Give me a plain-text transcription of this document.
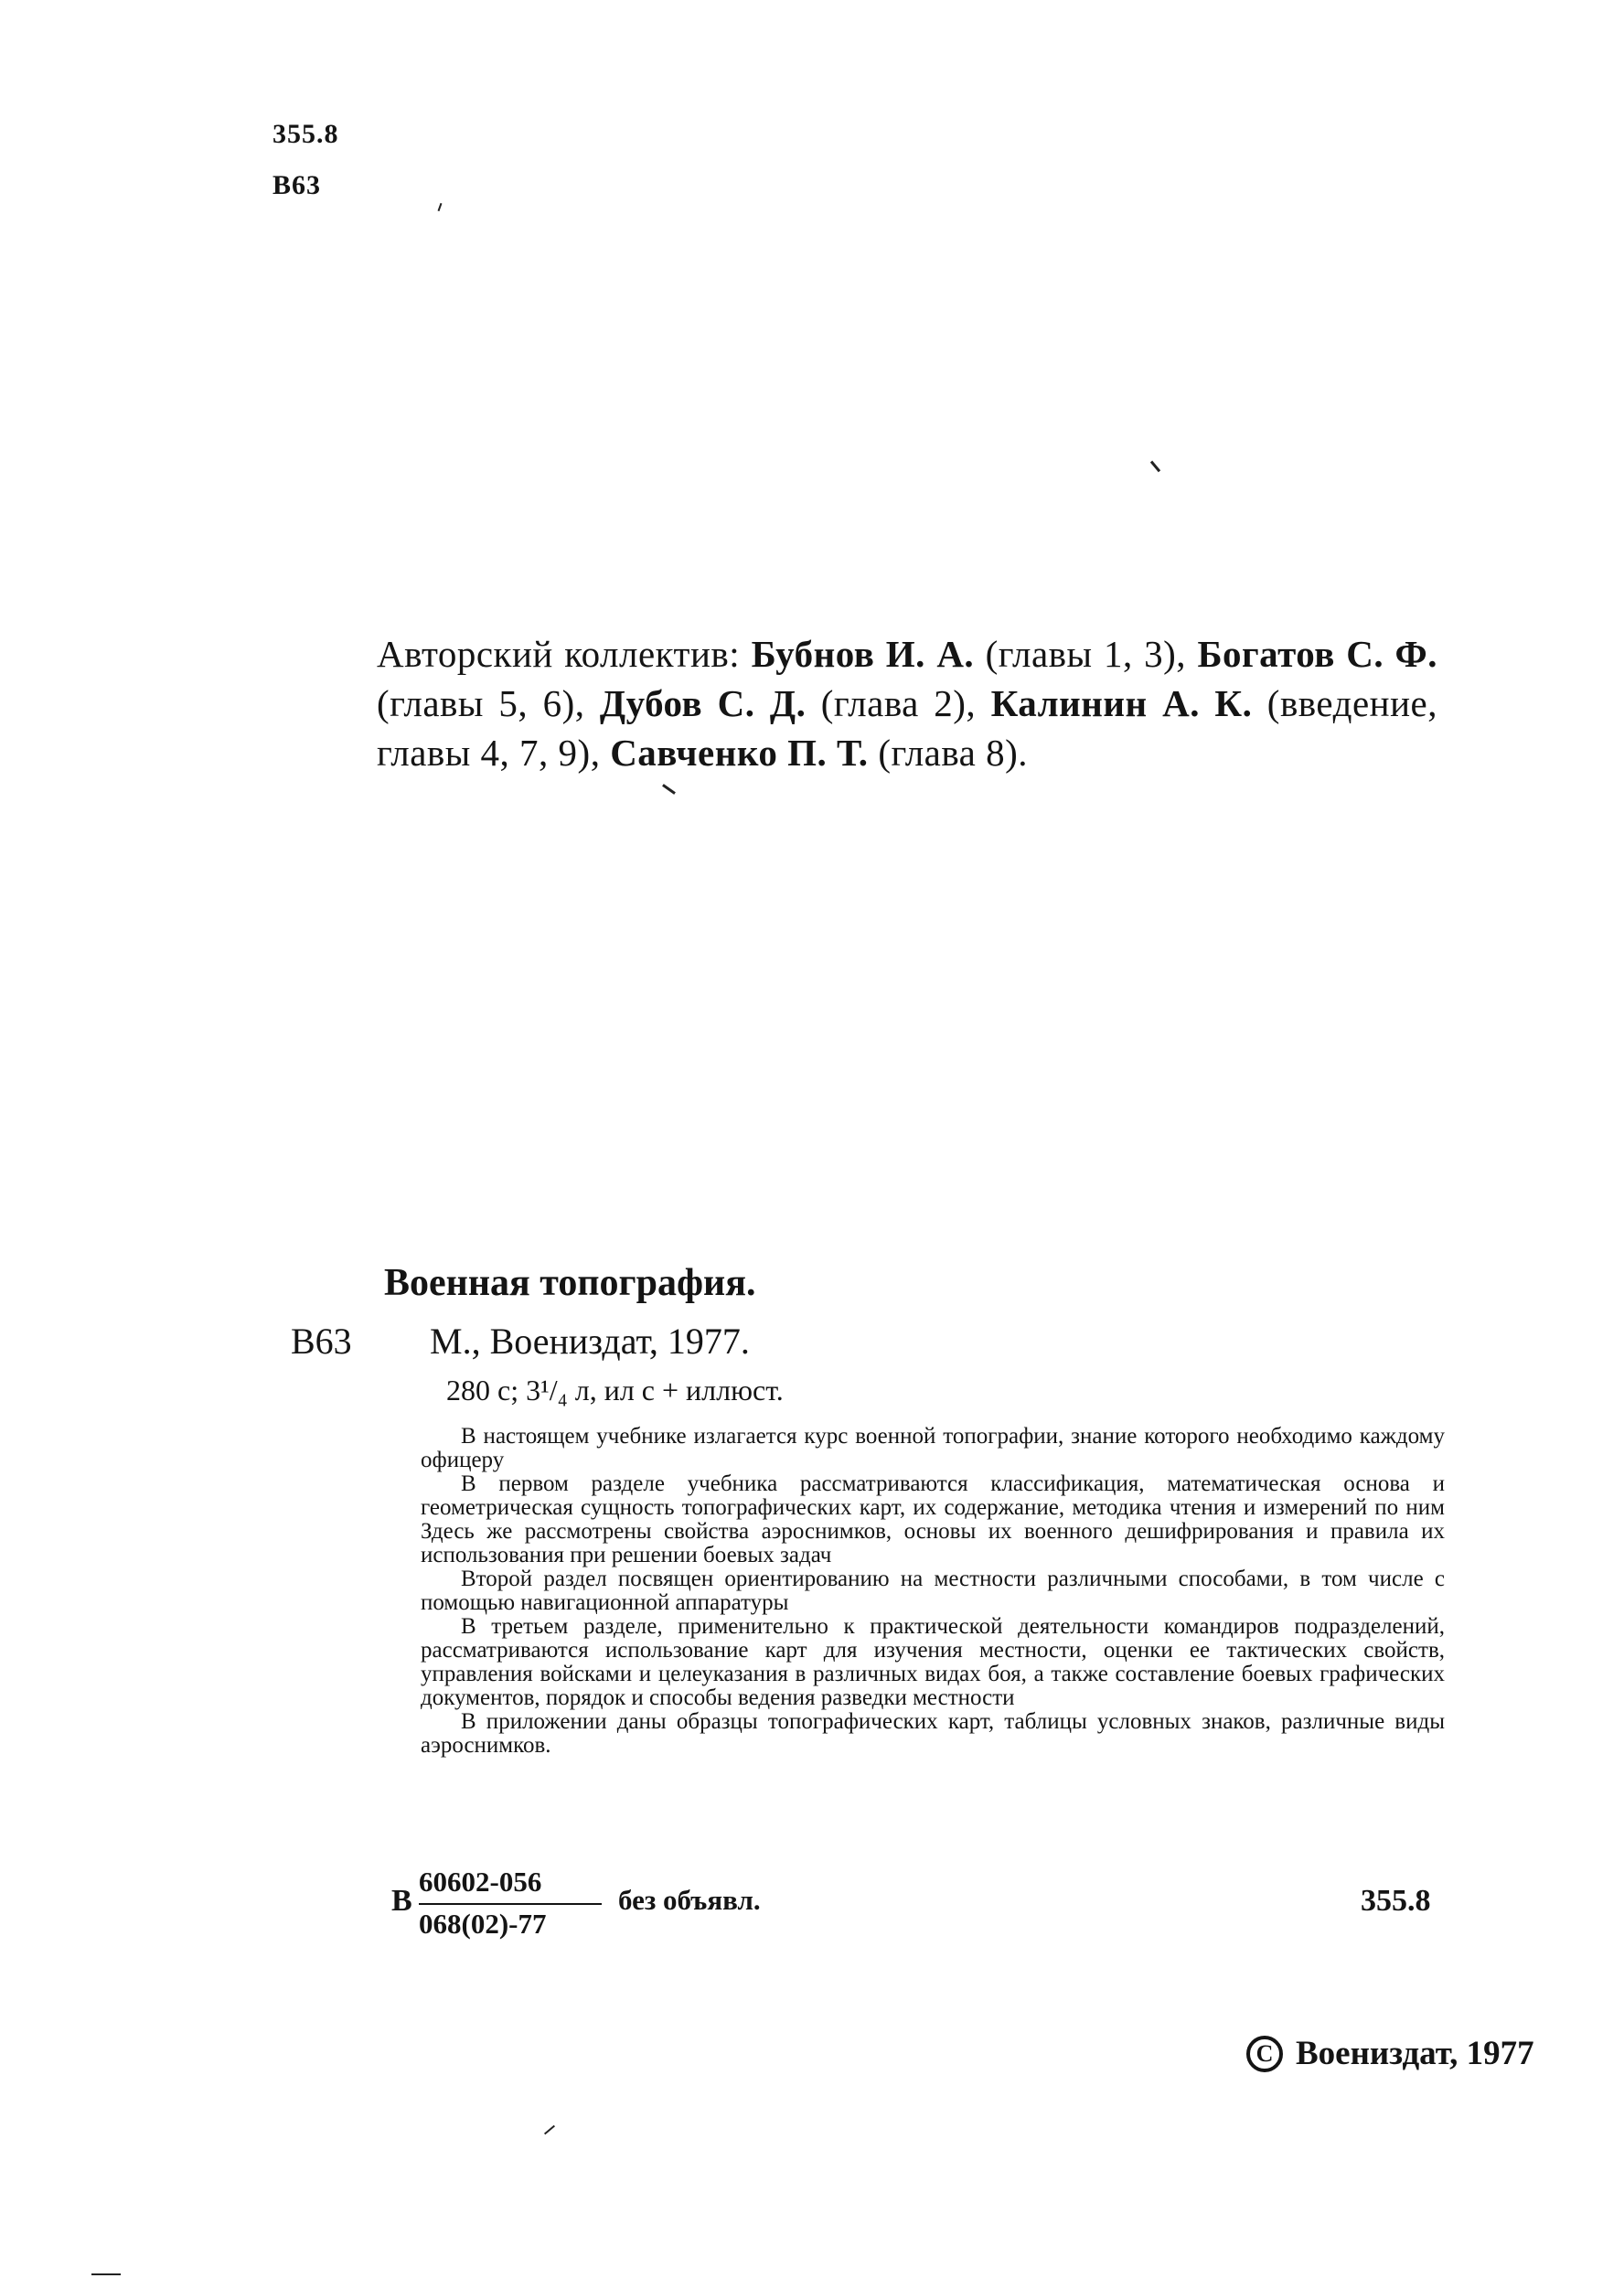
355.8
В63
Авторский коллектив: Бубнов И. А. (главы 1, 3), Богатов С. Ф. (главы 5, 6), Дубов С. Д. (глава 2), Калинин А. К. (введение, главы 4, 7, 9), Савченко П. Т. (глава 8).
Военная топография.
В63 М., Воениздат, 1977.
280 с; 3¹/₄ л, ил с + иллюст.

В настоящем учебнике излагается курс военной топографии, знание которого необходимо каждому офицеру

В первом разделе учебника рассматриваются классификация, математическая основа и геометрическая сущность топографических карт, их содержание, методика чтения и измерений по ним Здесь же рассмотрены свойства аэроснимков, основы их военного дешифрирования и правила их использования при решении боевых задач

Второй раздел посвящен ориентированию на местности различными способами, в том числе с помощью навигационной аппаратуры

В третьем разделе, применительно к практической деятельности командиров подразделений, рассматриваются использование карт для изучения местности, оценки ее тактических свойств, управления войсками и целеуказания в различных видах боя, а также составление боевых графических документов, порядок и способы ведения разведки местности

В приложении даны образцы топографических карт, таблицы условных знаков, различные виды аэроснимков.

В
60602-056
068(02)-77
без объявл.	355.8
C Воениздат, 1977
